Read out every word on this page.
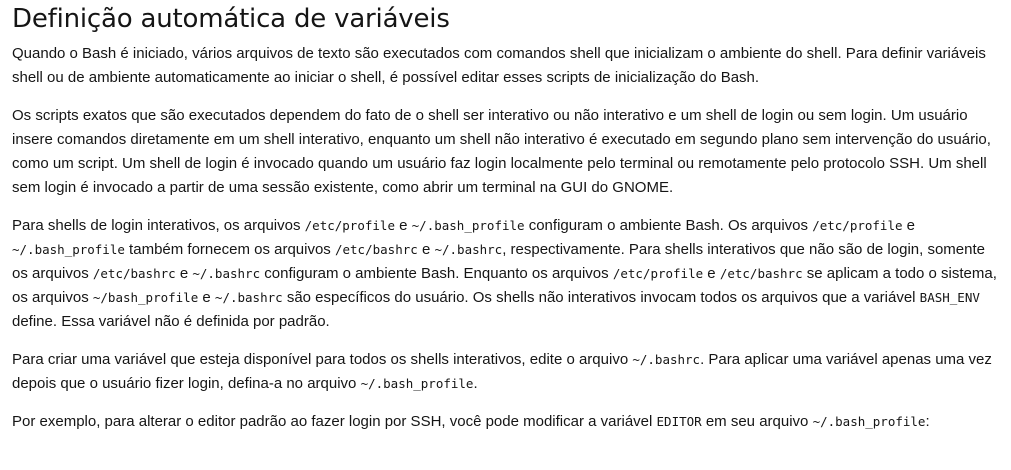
Definição automática de variáveis

Quando o Bash é iniciado, vários arquivos de texto são executados com comandos shell que inicializam o ambiente do shell. Para definir variáveis shell ou de ambiente automaticamente ao iniciar o shell, é possível editar esses scripts de inicialização do Bash.

Os scripts exatos que são executados dependem do fato de o shell ser interativo ou não interativo e um shell de login ou sem login. Um usuário insere comandos diretamente em um shell interativo, enquanto um shell não interativo é executado em segundo plano sem intervenção do usuário, como um script. Um shell de login é invocado quando um usuário faz login localmente pelo terminal ou remotamente pelo protocolo SSH. Um shell sem login é invocado a partir de uma sessão existente, como abrir um terminal na GUI do GNOME.

Para shells de login interativos, os arquivos /etc/profile e ~/.bash_profile configuram o ambiente Bash. Os arquivos /etc/profile e ~/.bash_profile também fornecem os arquivos /etc/bashrc e ~/.bashrc, respectivamente. Para shells interativos que não são de login, somente os arquivos /etc/bashrc e ~/.bashrc configuram o ambiente Bash. Enquanto os arquivos /etc/profile e /etc/bashrc se aplicam a todo o sistema, os arquivos ~/bash_profile e ~/.bashrc são específicos do usuário. Os shells não interativos invocam todos os arquivos que a variável BASH_ENV define. Essa variável não é definida por padrão.

Para criar uma variável que esteja disponível para todos os shells interativos, edite o arquivo ~/.bashrc. Para aplicar uma variável apenas uma vez depois que o usuário fizer login, defina-a no arquivo ~/.bash_profile.

Por exemplo, para alterar o editor padrão ao fazer login por SSH, você pode modificar a variável EDITOR em seu arquivo ~/.bash_profile:
